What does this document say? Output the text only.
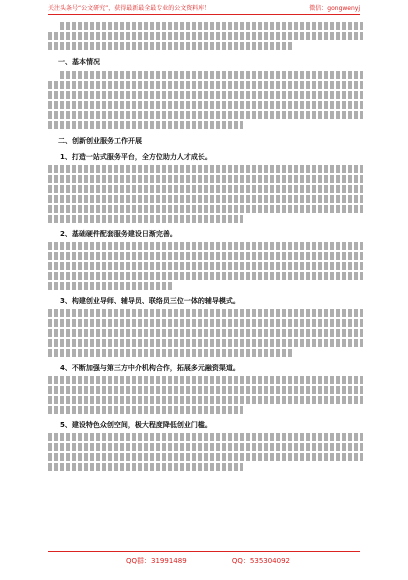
关注头条号“公文研究”，获得最新最全最专业的公文资料库！	微信：gongwenyj
一、基本情况
二、创新创业服务工作开展
1、打造一站式服务平台，全方位助力人才成长。
2、基础硬件配套服务建设日渐完善。
3、构建创业导师、辅导员、联络员三位一体的辅导模式。
4、不断加强与第三方中介机构合作，拓展多元融资渠道。
5、建设特色众创空间，极大程度降低创业门槛。
QQ群：31991489	QQ：535304092
